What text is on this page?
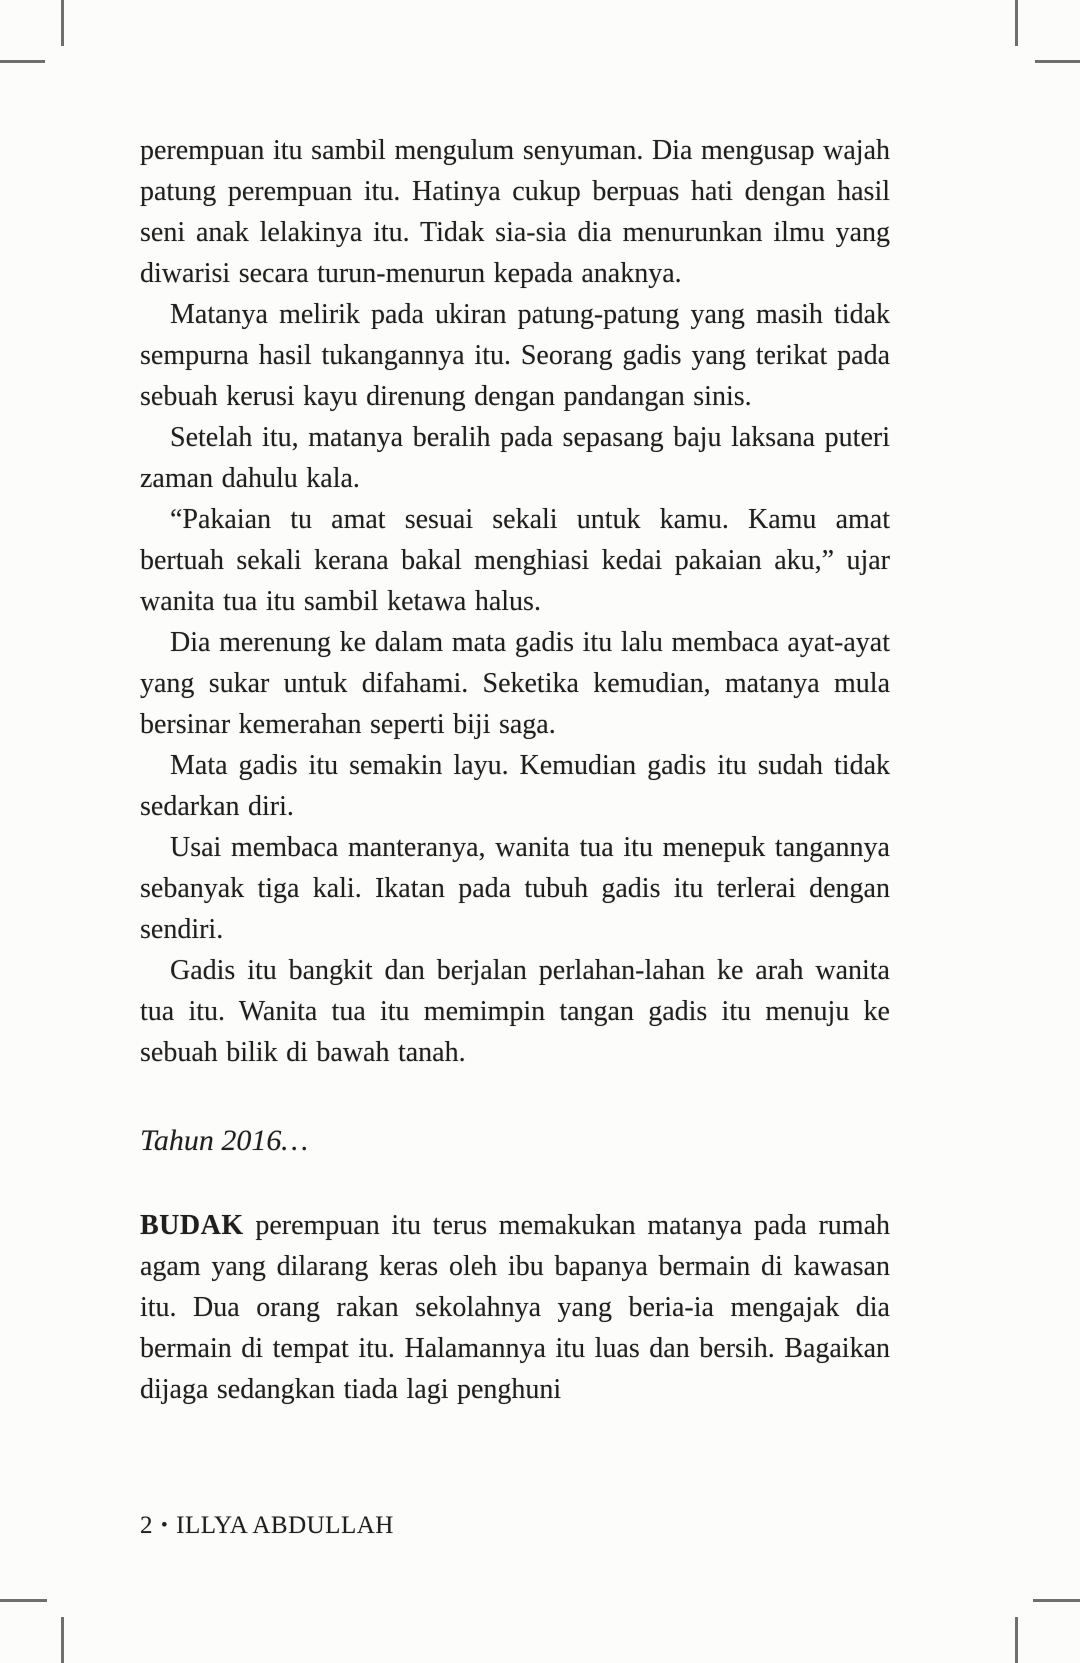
perempuan itu sambil mengulum senyuman. Dia mengusap wajah patung perempuan itu. Hatinya cukup berpuas hati dengan hasil seni anak lelakinya itu. Tidak sia-sia dia menurunkan ilmu yang diwarisi secara turun-menurun kepada anaknya.

Matanya melirik pada ukiran patung-patung yang masih tidak sempurna hasil tukangannya itu. Seorang gadis yang terikat pada sebuah kerusi kayu direnung dengan pandangan sinis.

Setelah itu, matanya beralih pada sepasang baju laksana puteri zaman dahulu kala.

“Pakaian tu amat sesuai sekali untuk kamu. Kamu amat bertuah sekali kerana bakal menghiasi kedai pakaian aku,” ujar wanita tua itu sambil ketawa halus.

Dia merenung ke dalam mata gadis itu lalu membaca ayat-ayat yang sukar untuk difahami. Seketika kemudian, matanya mula bersinar kemerahan seperti biji saga.

Mata gadis itu semakin layu. Kemudian gadis itu sudah tidak sedarkan diri.

Usai membaca manteranya, wanita tua itu menepuk tangannya sebanyak tiga kali. Ikatan pada tubuh gadis itu terlerai dengan sendiri.

Gadis itu bangkit dan berjalan perlahan-lahan ke arah wanita tua itu. Wanita tua itu memimpin tangan gadis itu menuju ke sebuah bilik di bawah tanah.

Tahun 2016…

BUDAK perempuan itu terus memakukan matanya pada rumah agam yang dilarang keras oleh ibu bapanya bermain di kawasan itu. Dua orang rakan sekolahnya yang beria-ia mengajak dia bermain di tempat itu. Halamannya itu luas dan bersih. Bagaikan dijaga sedangkan tiada lagi penghuni

2 • ILLYA ABDULLAH
